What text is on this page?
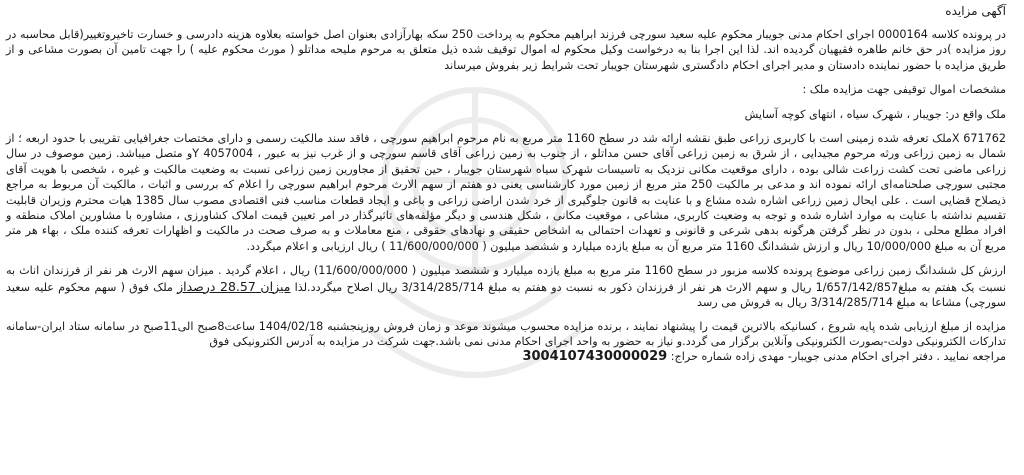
آگهی مزایده
در پرونده کلاسه 0000164 اجرای احکام مدنی جویبار محکوم علیه سعید سورچی فرزند ابراهیم محکوم به پرداخت 250 سکه بهارآزادی بعنوان اصل خواسته بعلاوه هزینه دادرسی و خسارت تاخیروتغییر(قابل محاسبه در روز مزایده )در حق خانم طاهره فقیهیان گردیده اند. لذا این اجرا بنا به درخواست وکیل محکوم له اموال توقیف شده ذیل متعلق به مرحوم ملیحه مداتلو ( مورث محکوم علیه ) را جهت تامین آن بصورت مشاعی و از طریق مزایده با حضور نماینده دادستان و مدیر اجرای احکام دادگستری شهرستان جویبار تحت شرایط زیر بفروش میرساند
مشخصات اموال توقیفی جهت مزایده ملک :
ملک واقع در: جویبار ، شهرک سیاه ، انتهای کوچه آسایش
671762 Xملک تعرفه شده زمینی است با کاربری زراعی طبق نقشه ارائه شد در سطح 1160 متر مربع به نام مرحوم ابراهیم سورچی ، فاقد سند مالکیت رسمی و دارای مختصات جغرافیایی تقریبی با حدود اربعه ؛ از شمال به زمین زراعی ورثه مرحوم مجیدایی ، از شرق به زمین زراعی آقای حسن مداتلو ، از جنوب به زمین زراعی آقای قاسم سورچی و از غرب نیز به عبور ، 4057004 Yو متصل میباشد. زمین موصوف در سال زراعی ماضی تحت کشت زراعت شالی بوده ، دارای موقعیت مکانی نزدیک به تاسیسات شهرک سیاه شهرستان جویبار ، حین تحقیق از مجاورین زمین زراعی نسبت به وضعیت مالکیت و غیره ، شخصی با هویت آقای مجتبی سورچی صلحنامه‌ای ارائه نموده اند و مدعی بر مالکیت 250 متر مربع از زمین مورد کارشناسی یعنی دو هفتم از سهم الارث مرحوم ابراهیم سورچی را اعلام که بررسی و اثبات ، مالکیت آن مربوط به مراجع ذیصلاح قضایی است . علی ایحال زمین زراعی اشاره شده مشاع و با عنایت به قانون جلوگیری از خرد شدن اراضی زراعی و باغی و ایجاد قطعات مناسب فنی اقتصادی مصوب سال 1385 هیات محترم وزیران قابلیت تقسیم نداشته با عنایت به موارد اشاره شده و توجه به وضعیت کاربری، مشاعی ، موقعیت مکانی ، شکل هندسی و دیگر مؤلفه‌های تاثیرگذار در امر تعیین قیمت املاک کشاورزی ، مشاوره با مشاورین املاک منطقه و افراد مطلع محلی ، بدون در نظر گرفتن هرگونه بدهی شرعی و قانونی و تعهدات احتمالی به اشخاص حقیقی و نهادهای حقوقی ، منع معاملات و به صرف صحت در مالکیت و اظهارات تعرفه کننده ملک ، بهاء هر متر مربع آن به مبلغ 10/000/000 ریال و ارزش ششدانگ 1160 متر مربع آن به مبلغ یازده میلیارد و ششصد میلیون ( 11/600/000/000 ) ریال ارزیابی و اعلام میگردد.
ارزش کل ششدانگ زمین زراعی موضوع پرونده کلاسه مزبور در سطح 1160 متر مربع به مبلغ یازده میلیارد و ششصد میلیون ( 11/600/000/000) ریال ، اعلام گردید . میزان سهم الارث هر نفر از فرزندان اناث به نسبت یک هفتم به مبلغ1/657/142/857 ریال و سهم الارث هر نفر از فرزندان ذکور به نسبت دو هفتم به مبلغ 3/314/285/714 ریال اصلاح میگردد.لذا میزان 28.57 درصداز ملک فوق ( سهم محکوم علیه سعید سورچی) مشاعا به مبلغ 3/314/285/714 ریال به فروش می رسد
مزایده از مبلغ ارزیابی شده پایه شروع ، کسانیکه بالاترین قیمت را پیشنهاد نمایند ، برنده مزایده محسوب میشوند موعد و زمان فروش روزپنجشنبه 1404/02/18 ساعت8صبح الی11صبح در سامانه ستاد ایران-سامانه تدارکات الکترونیکی دولت-بصورت الکترونیکی وآنلاین برگزار می گردد.و نیاز به حضور به واحد اجرای احکام مدنی نمی باشد.جهت شرکت در مزایده به آدرس الکترونیکی فوق
مراجعه نمایید . دفتر اجرای احکام مدنی جویبار- مهدی زاده شماره حراج: 3004107430000029
